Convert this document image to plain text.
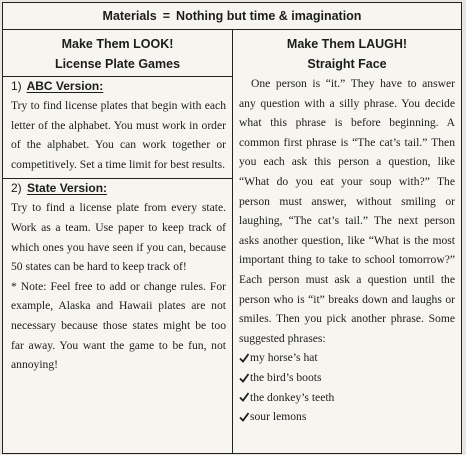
Materials = Nothing but time & imagination
Make Them LOOK!
License Plate Games
1) ABC Version:

Try to find license plates that begin with each letter of the alphabet. You must work in order of the alphabet. You can work together or competitively. Set a time limit for best results.

2) State Version:

Try to find a license plate from every state. Work as a team. Use paper to keep track of which ones you have seen if you can, because 50 states can be hard to keep track of!

* Note: Feel free to add or change rules. For example, Alaska and Hawaii plates are not necessary because those states might be too far away. You want the game to be fun, not annoying!

Make Them LAUGH!
Straight Face

One person is “it.” They have to answer any question with a silly phrase. You decide what this phrase is before beginning. A common first phrase is “The cat’s tail.” Then you each ask this person a question, like “What do you eat your soup with?” The person must answer, without smiling or laughing, “The cat’s tail.” The next person asks another question, like “What is the most important thing to take to school tomorrow?” Each person must ask a question until the person who is “it” breaks down and laughs or smiles. Then you pick another phrase. Some suggested phrases:

my horse’s hat
the bird’s boots
the donkey’s teeth
sour lemons
